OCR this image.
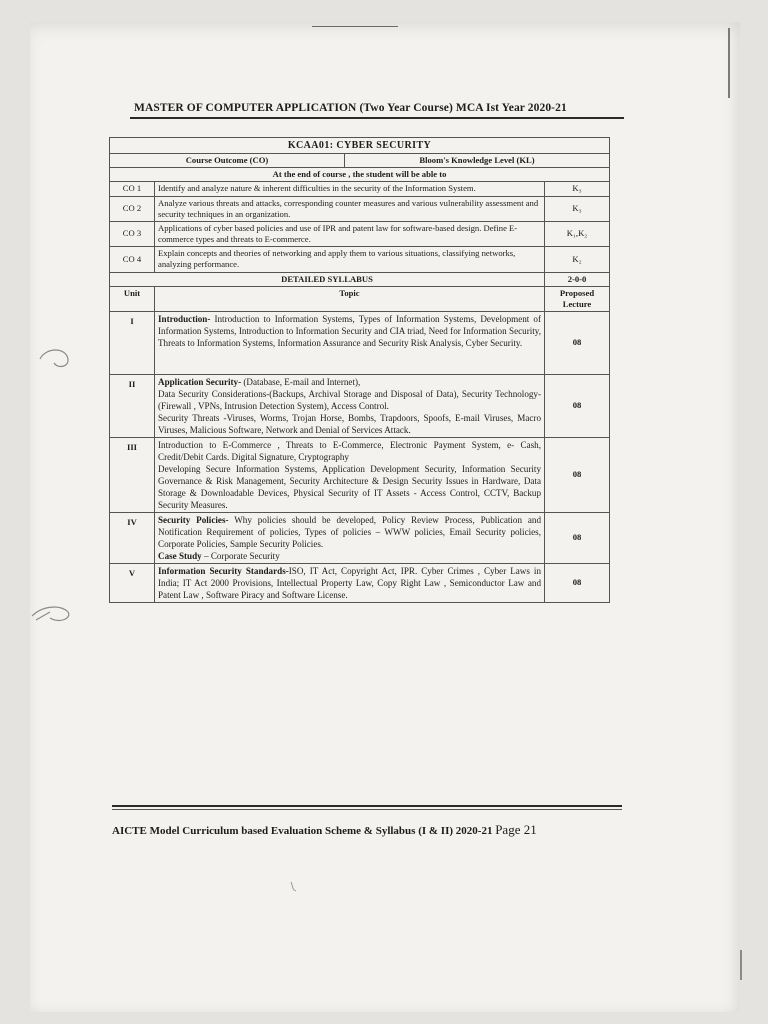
MASTER OF COMPUTER APPLICATION (Two Year Course) MCA Ist Year 2020-21
KCAA01: CYBER SECURITY			
Course Outcome (CO)		Bloom's Knowledge Level (KL)	
At the end of course , the student will be able to			
CO 1	Identify and analyze nature & inherent difficulties in the security of the Information System.		K₃
CO 2	Analyze various threats and attacks, corresponding counter measures and various vulnerability assessment and security techniques in an organization.		K₃
CO 3	Applications of cyber based policies and use of IPR and patent law for software-based design. Define E-commerce types and threats to E-commerce.		K₁,K₂
CO 4	Explain concepts and theories of networking and apply them to various situations, classifying networks, analyzing performance.		K₂
DETAILED SYLLABUS			2-0-0
Unit	Topic		Proposed Lecture
I	Introduction- Introduction to Information Systems, Types of Information Systems, Development of Information Systems, Introduction to Information Security and CIA triad, Need for Information Security, Threats to Information Systems, Information Assurance and Security Risk Analysis, Cyber Security.		08
II	Application Security- (Database, E-mail and Internet),

Data Security Considerations-(Backups, Archival Storage and Disposal of Data), Security Technology-(Firewall , VPNs, Intrusion Detection System), Access Control.

Security Threats -Viruses, Worms, Trojan Horse, Bombs, Trapdoors, Spoofs, E-mail Viruses, Macro Viruses, Malicious Software, Network and Denial of Services Attack.		08
III	Introduction to E-Commerce , Threats to E-Commerce, Electronic Payment System, e- Cash, Credit/Debit Cards. Digital Signature, Cryptography

Developing Secure Information Systems, Application Development Security, Information Security Governance & Risk Management, Security Architecture & Design Security Issues in Hardware, Data Storage & Downloadable Devices, Physical Security of IT Assets - Access Control, CCTV, Backup Security Measures.		08
IV	Security Policies- Why policies should be developed, Policy Review Process, Publication and Notification Requirement of policies, Types of policies – WWW policies, Email Security policies, Corporate Policies, Sample Security Policies.

Case Study – Corporate Security		08
V	Information Security Standards-ISO, IT Act, Copyright Act, IPR. Cyber Crimes , Cyber Laws in India; IT Act 2000 Provisions, Intellectual Property Law, Copy Right Law , Semiconductor Law and Patent Law , Software Piracy and Software License.		08
AICTE Model Curriculum based Evaluation Scheme & Syllabus (I & II) 2020-21 Page 21
